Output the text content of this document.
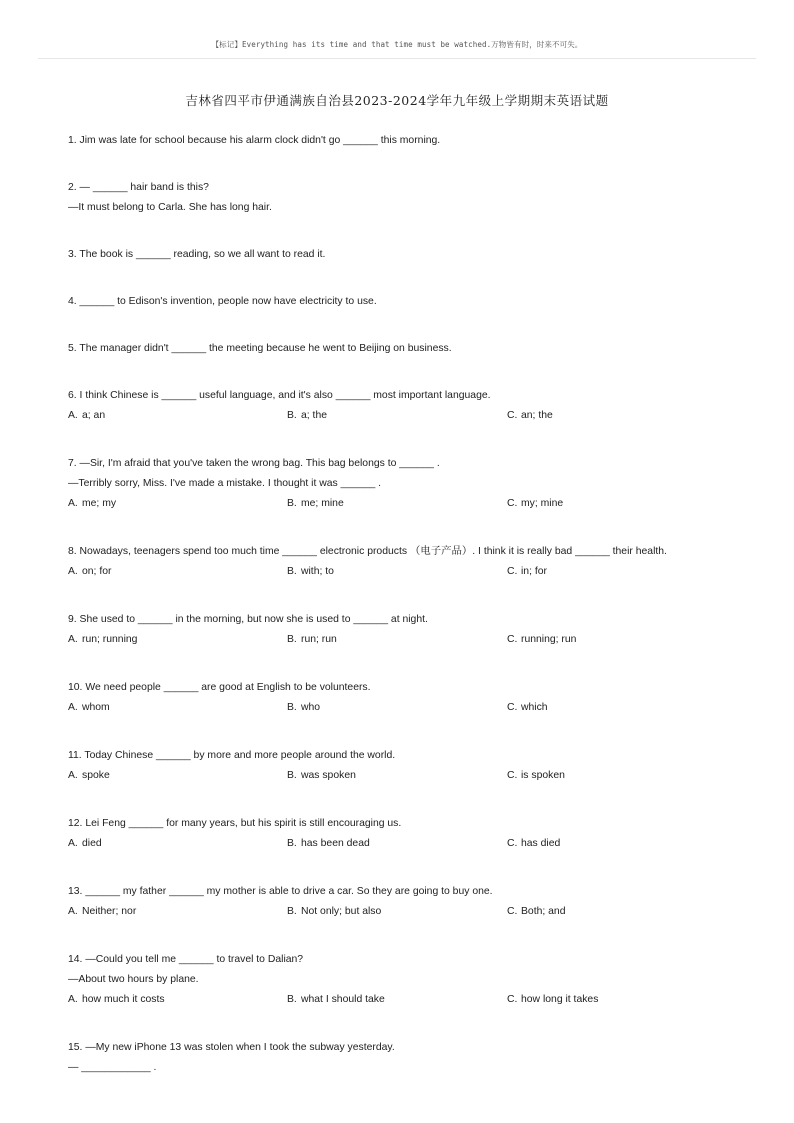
【标记】Everything has its time and that time must be watched.万物皆有时，时来不可失。
吉林省四平市伊通满族自治县2023-2024学年九年级上学期期末英语试题
1. Jim was late for school because his alarm clock didn't go ______ this morning.
2. — ______ hair band is this?
—It must belong to Carla. She has long hair.
3. The book is ______ reading, so we all want to read it.
4. ______ to Edison's invention, people now have electricity to use.
5. The manager didn't ______ the meeting because he went to Beijing on business.
6. I think Chinese is ______ useful language, and it's also ______ most important language.
A. a; an	B. a; the	C. an; the
7. —Sir, I'm afraid that you've taken the wrong bag. This bag belongs to ______ .
—Terribly sorry, Miss. I've made a mistake. I thought it was ______ .
A. me; my	B. me; mine	C. my; mine
8. Nowadays, teenagers spend too much time ______ electronic products （电子产品）. I think it is really bad ______ their health.
A. on; for	B. with; to	C. in; for
9. She used to ______ in the morning, but now she is used to ______ at night.
A. run; running	B. run; run	C. running; run
10. We need people ______ are good at English to be volunteers.
A. whom	B. who	C. which
11. Today Chinese ______ by more and more people around the world.
A. spoke	B. was spoken	C. is spoken
12. Lei Feng ______ for many years, but his spirit is still encouraging us.
A. died	B. has been dead	C. has died
13. ______ my father ______ my mother is able to drive a car. So they are going to buy one.
A. Neither; nor	B. Not only; but also	C. Both; and
14. —Could you tell me ______ to travel to Dalian?
—About two hours by plane.
A. how much it costs	B. what I should take	C. how long it takes
15. —My new iPhone 13 was stolen when I took the subway yesterday.
— ____________ .
